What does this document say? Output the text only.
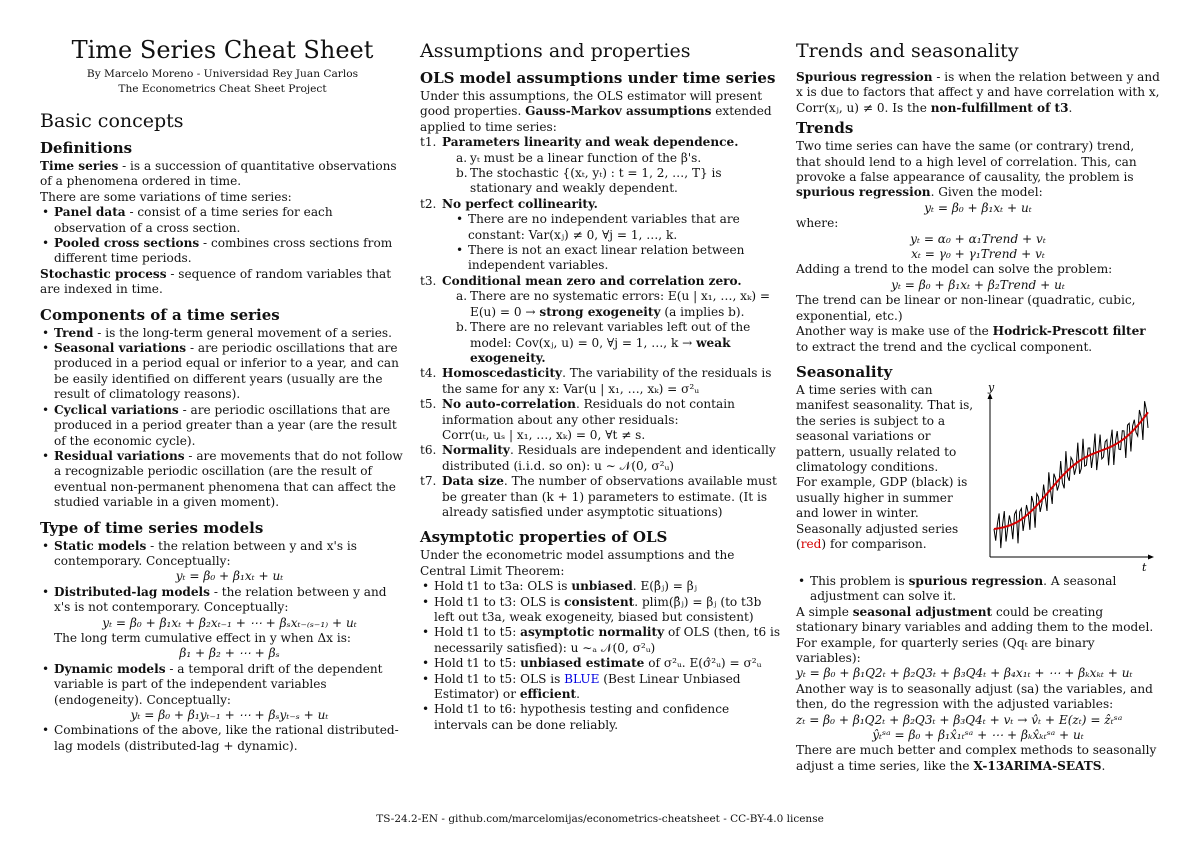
Time Series Cheat Sheet
By Marcelo Moreno - Universidad Rey Juan Carlos
The Econometrics Cheat Sheet Project
Basic concepts
Definitions

Time series - is a succession of quantitative observations of a phenomena ordered in time.

There are some variations of time series:

• Panel data - consist of a time series for each observation of a cross section.
• Pooled cross sections - combines cross sections from different time periods.

Stochastic process - sequence of random variables that are indexed in time.

Components of a time series
• Trend - is the long-term general movement of a series.
• Seasonal variations - are periodic oscillations that are produced in a period equal or inferior to a year, and can be easily identified on different years (usually are the result of climatology reasons).
• Cyclical variations - are periodic oscillations that are produced in a period greater than a year (are the result of the economic cycle).
• Residual variations - are movements that do not follow a recognizable periodic oscillation (are the result of eventual non-permanent phenomena that can affect the studied variable in a given moment).
Type of time series models
• Static models - the relation between y and x's is contemporary. Conceptually:
yₜ = β₀ + β₁xₜ + uₜ
• Distributed-lag models - the relation between y and x's is not contemporary. Conceptually:
yₜ = β₀ + β₁xₜ + β₂xₜ₋₁ + ⋯ + βₛxₜ₋₍ₛ₋₁₎ + uₜ
The long term cumulative effect in y when Δx is:
β₁ + β₂ + ⋯ + βₛ
• Dynamic models - a temporal drift of the dependent variable is part of the independent variables (endogeneity). Conceptually:
yₜ = β₀ + β₁yₜ₋₁ + ⋯ + βₛyₜ₋ₛ + uₜ
• Combinations of the above, like the rational distributed-lag models (distributed-lag + dynamic).
Assumptions and properties
OLS model assumptions under time series

Under this assumptions, the OLS estimator will present good properties. Gauss-Markov assumptions extended applied to time series:

t1. Parameters linearity and weak dependence.
a. yₜ must be a linear function of the β's.
b. The stochastic {(xₜ, yₜ) : t = 1, 2, …, T} is stationary and weakly dependent.
t2. No perfect collinearity.
• There are no independent variables that are constant: Var(xⱼ) ≠ 0, ∀j = 1, …, k.
• There is not an exact linear relation between independent variables.
t3. Conditional mean zero and correlation zero.
a. There are no systematic errors: E(u | x₁, …, xₖ) = E(u) = 0 → strong exogeneity (a implies b).
b. There are no relevant variables left out of the model: Cov(xⱼ, u) = 0, ∀j = 1, …, k → weak exogeneity.
t4. Homoscedasticity. The variability of the residuals is the same for any x: Var(u | x₁, …, xₖ) = σ²ᵤ
t5. No auto-correlation. Residuals do not contain information about any other residuals:
Corr(uₜ, uₛ | x₁, …, xₖ) = 0, ∀t ≠ s.
t6. Normality. Residuals are independent and identically distributed (i.i.d. so on): u ∼ 𝒩(0, σ²ᵤ)
t7. Data size. The number of observations available must be greater than (k + 1) parameters to estimate. (It is already satisfied under asymptotic situations)
Asymptotic properties of OLS

Under the econometric model assumptions and the Central Limit Theorem:

• Hold t1 to t3a: OLS is unbiased. E(β̂ⱼ) = βⱼ
• Hold t1 to t3: OLS is consistent. plim(β̂ⱼ) = βⱼ (to t3b left out t3a, weak exogeneity, biased but consistent)
• Hold t1 to t5: asymptotic normality of OLS (then, t6 is necessarily satisfied): u ∼ₐ 𝒩(0, σ²ᵤ)
• Hold t1 to t5: unbiased estimate of σ²ᵤ. E(σ̂²ᵤ) = σ²ᵤ
• Hold t1 to t5: OLS is BLUE (Best Linear Unbiased Estimator) or efficient.
• Hold t1 to t6: hypothesis testing and confidence intervals can be done reliably.
Trends and seasonality

Spurious regression - is when the relation between y and x is due to factors that affect y and have correlation with x, Corr(xⱼ, u) ≠ 0. Is the non-fulfillment of t3.

Trends

Two time series can have the same (or contrary) trend, that should lend to a high level of correlation. This, can provoke a false appearance of causality, the problem is spurious regression. Given the model:

yₜ = β₀ + β₁xₜ + uₜ

where:

yₜ = α₀ + α₁Trend + vₜ
xₜ = γ₀ + γ₁Trend + vₜ

Adding a trend to the model can solve the problem:

yₜ = β₀ + β₁xₜ + β₂Trend + uₜ

The trend can be linear or non-linear (quadratic, cubic, exponential, etc.)

Another way is make use of the Hodrick-Prescott filter to extract the trend and the cyclical component.

Seasonality

A time series with can manifest seasonality. That is, the series is subject to a seasonal variations or pattern, usually related to climatology conditions.

For example, GDP (black) is usually higher in summer and lower in winter. Seasonally adjusted series (red) for comparison.

y
t
• This problem is spurious regression. A seasonal adjustment can solve it.

A simple seasonal adjustment could be creating stationary binary variables and adding them to the model. For example, for quarterly series (Qqₜ are binary variables):

yₜ = β₀ + β₁Q2ₜ + β₂Q3ₜ + β₃Q4ₜ + β₄x₁ₜ + ⋯ + βₖxₖₜ + uₜ

Another way is to seasonally adjust (sa) the variables, and then, do the regression with the adjusted variables:

zₜ = β₀ + β₁Q2ₜ + β₂Q3ₜ + β₃Q4ₜ + vₜ → v̂ₜ + E(zₜ) = ẑₜˢᵃ
ŷₜˢᵃ = β₀ + β₁x̂₁ₜˢᵃ + ⋯ + βₖx̂ₖₜˢᵃ + uₜ

There are much better and complex methods to seasonally adjust a time series, like the X-13ARIMA-SEATS.

TS-24.2-EN - github.com/marcelomijas/econometrics-cheatsheet - CC-BY-4.0 license
